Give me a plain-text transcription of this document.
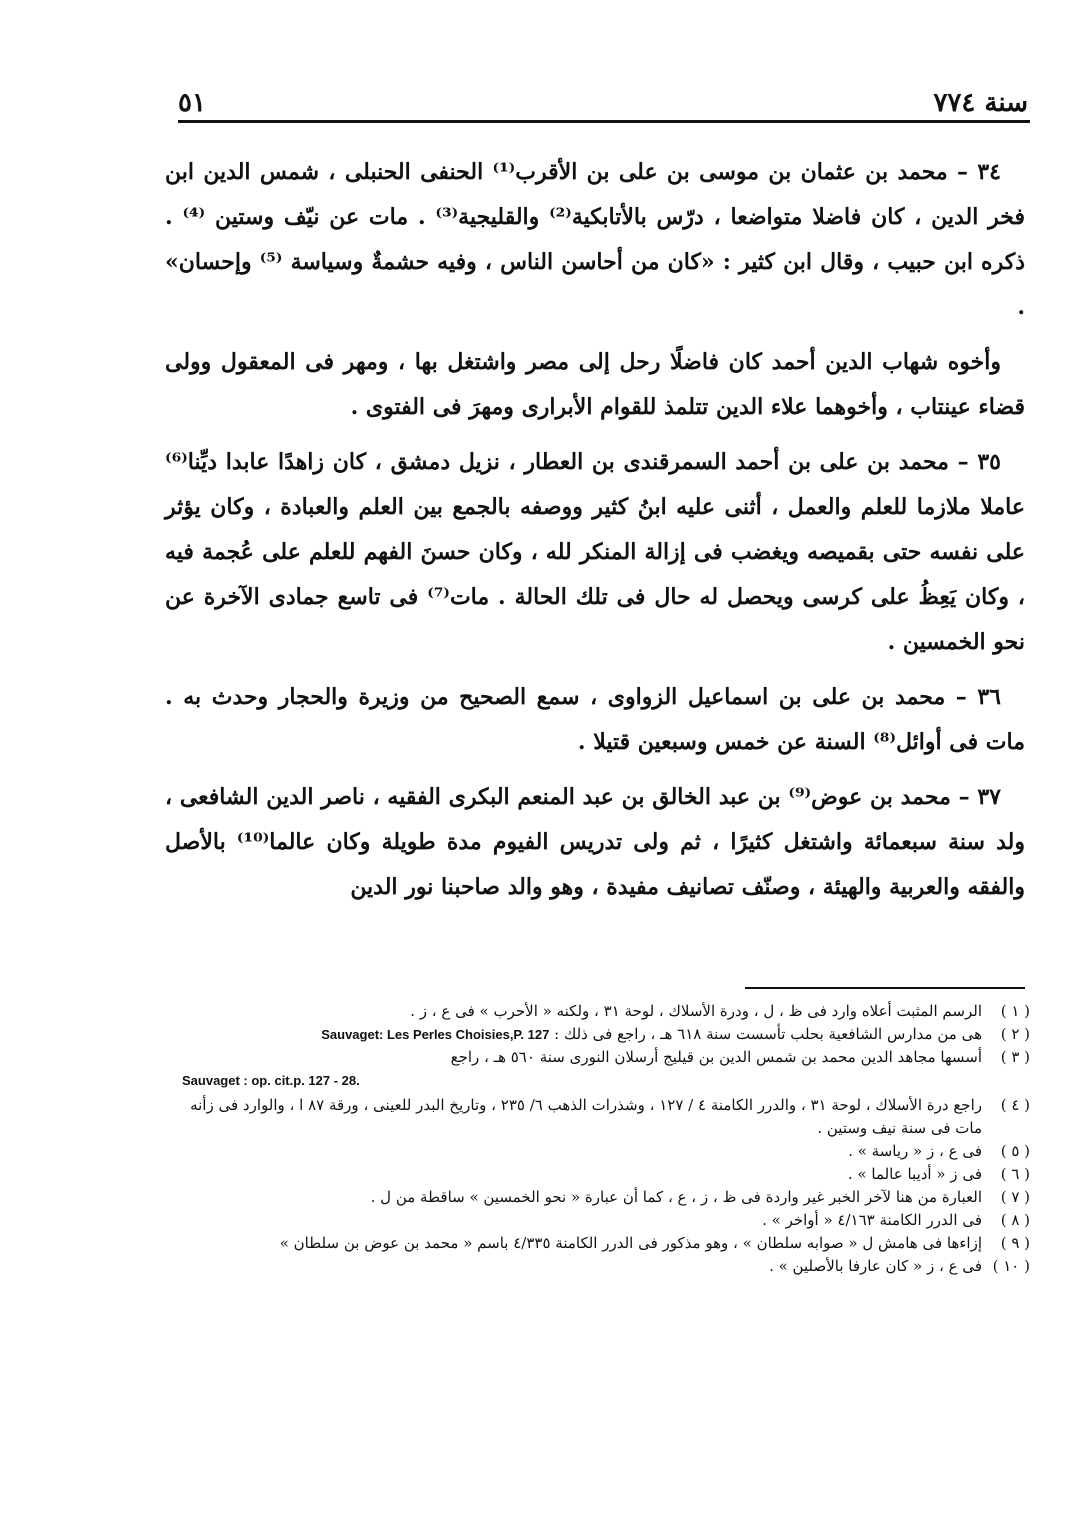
سنة ٧٧٤
٥١

٣٤ – محمد بن عثمان بن موسى بن على بن الأقرب⁽¹⁾ الحنفى الحنبلى ، شمس الدين ابن فخر الدين ، كان فاضلا متواضعا ، درّس بالأتابكية⁽²⁾ والقليجية⁽³⁾ . مات عن نيّف وستين ⁽⁴⁾ . ذكره ابن حبيب ، وقال ابن كثير : «كان من أحاسن الناس ، وفيه حشمةٌ وسياسة ⁽⁵⁾ وإحسان» .

وأخوه شهاب الدين أحمد كان فاضلًا رحل إلى مصر واشتغل بها ، ومهر فى المعقول وولى قضاء عينتاب ، وأخوهما علاء الدين تتلمذ للقوام الأبرارى ومهرَ فى الفتوى .

٣٥ – محمد بن على بن أحمد السمرقندى بن العطار ، نزيل دمشق ، كان زاهدًا عابدا ديِّنا⁽⁶⁾ عاملا ملازما للعلم والعمل ، أثنى عليه ابنُ كثير ووصفه بالجمع بين العلم والعبادة ، وكان يؤثر على نفسه حتى بقميصه ويغضب فى إزالة المنكر لله ، وكان حسنَ الفهم للعلم على عُجمة فيه ، وكان يَعِظُ على كرسى ويحصل له حال فى تلك الحالة . مات⁽⁷⁾ فى تاسع جمادى الآخرة عن نحو الخمسين .

٣٦ – محمد بن على بن اسماعيل الزواوى ، سمع الصحيح من وزيرة والحجار وحدث به . مات فى أوائل⁽⁸⁾ السنة عن خمس وسبعين قتيلا .

٣٧ – محمد بن عوض⁽⁹⁾ بن عبد الخالق بن عبد المنعم البكرى الفقيه ، ناصر الدين الشافعى ، ولد سنة سبعمائة واشتغل كثيرًا ، ثم ولى تدريس الفيوم مدة طويلة وكان عالما⁽¹⁰⁾ بالأصل والفقه والعربية والهيئة ، وصنّف تصانيف مفيدة ، وهو والد صاحبنا نور الدين

( ١ )
الرسم المثبت أعلاه وارد فى ظ ، ل ، ودرة الأسلاك ، لوحة ٣١ ، ولكنه « الأحرب » فى ع ، ز .
( ٢ )
هى من مدارس الشافعية بحلب تأسست سنة ٦١٨ هـ ، راجع فى ذلك : Sauvaget: Les Perles Choisies,P. 127
( ٣ )
أسسها مجاهد الدين محمد بن شمس الدين بن قيليج أرسلان النورى سنة ٥٦٠ هـ ، راجع

Sauvaget : op. cit.p. 127 - 28.

( ٤ )
راجع درة الأسلاك ، لوحة ٣١ ، والدرر الكامنة ٤ / ١٢٧ ، وشذرات الذهب ٦/ ٢٣٥ ، وتاريخ البدر للعينى ، ورقة ٨٧ ا ، والوارد فى زأنه مات فى سنة نيف وستين .
( ٥ )
فى ع ، ز « رياسة » .
( ٦ )
فى ز « أديبا عالما » .
( ٧ )
العبارة من هنا لآخر الخبر غير واردة فى ظ ، ز ، ع ، كما أن عبارة « نحو الخمسين » ساقطة من ل .
( ٨ )
فى الدرر الكامنة ٤/١٦٣ « أواخر » .
( ٩ )
إزاءها فى هامش ل « صوابه سلطان » ، وهو مذكور فى الدرر الكامنة ٤/٣٣٥ باسم « محمد بن عوض بن سلطان »
( ١٠ )
فى ع ، ز « كان عارفا بالأصلين » .
